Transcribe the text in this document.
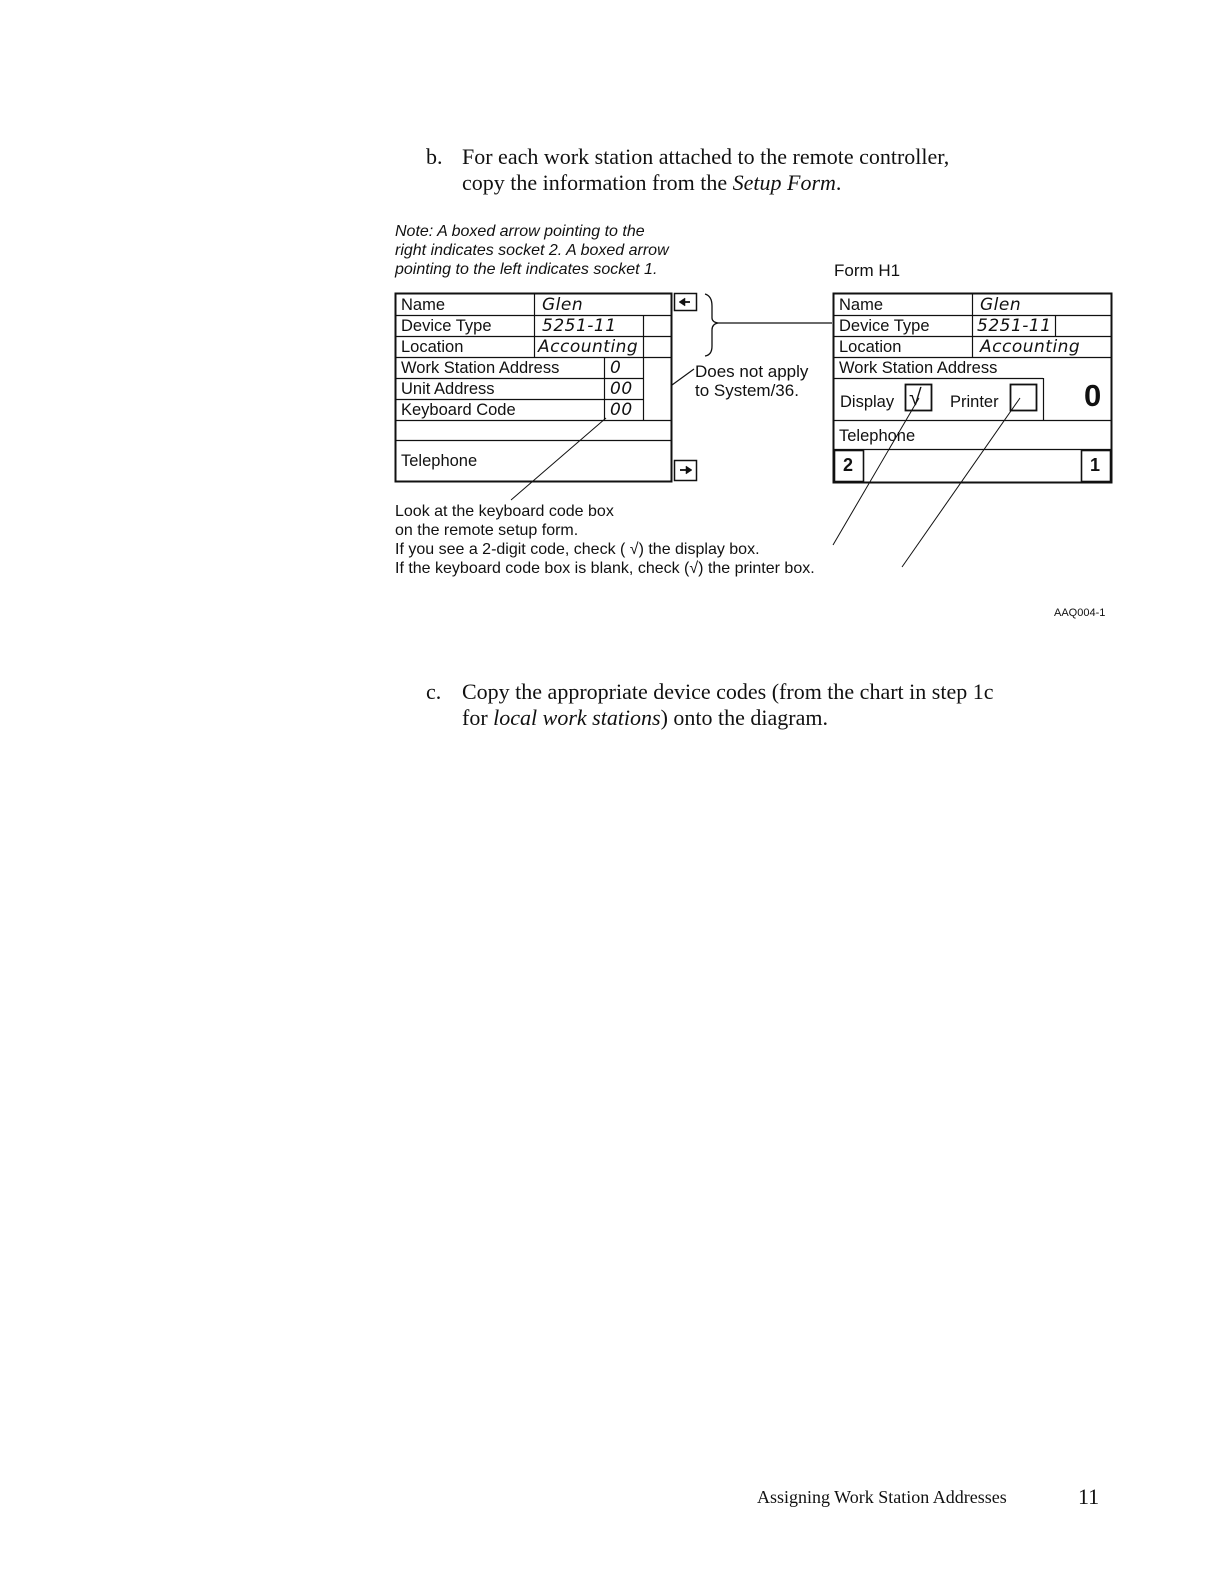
b. For each work station attached to the remote controller,
copy the information from the Setup Form.
Note: A boxed arrow pointing to the
right indicates socket 2. A boxed arrow
pointing to the left indicates socket 1.	Form H1
Name	Glen
Device Type	5251-11
Location	Accounting
Work Station Address	0
Unit Address	00
Keyboard Code	00
Telephone
Does not apply
to System/36.
Name	Glen
Device Type	5251-11
Location	Accounting
Work Station Address
Display √ Printer	0
Telephone
2	1
Look at the keyboard code box
on the remote setup form.
If you see a 2-digit code, check ( √) the display box.
If the keyboard code box is blank, check (√) the printer box.
AAQ004-1
c. Copy the appropriate device codes (from the chart in step 1c
for local work stations) onto the diagram.
Assigning Work Station Addresses	11
